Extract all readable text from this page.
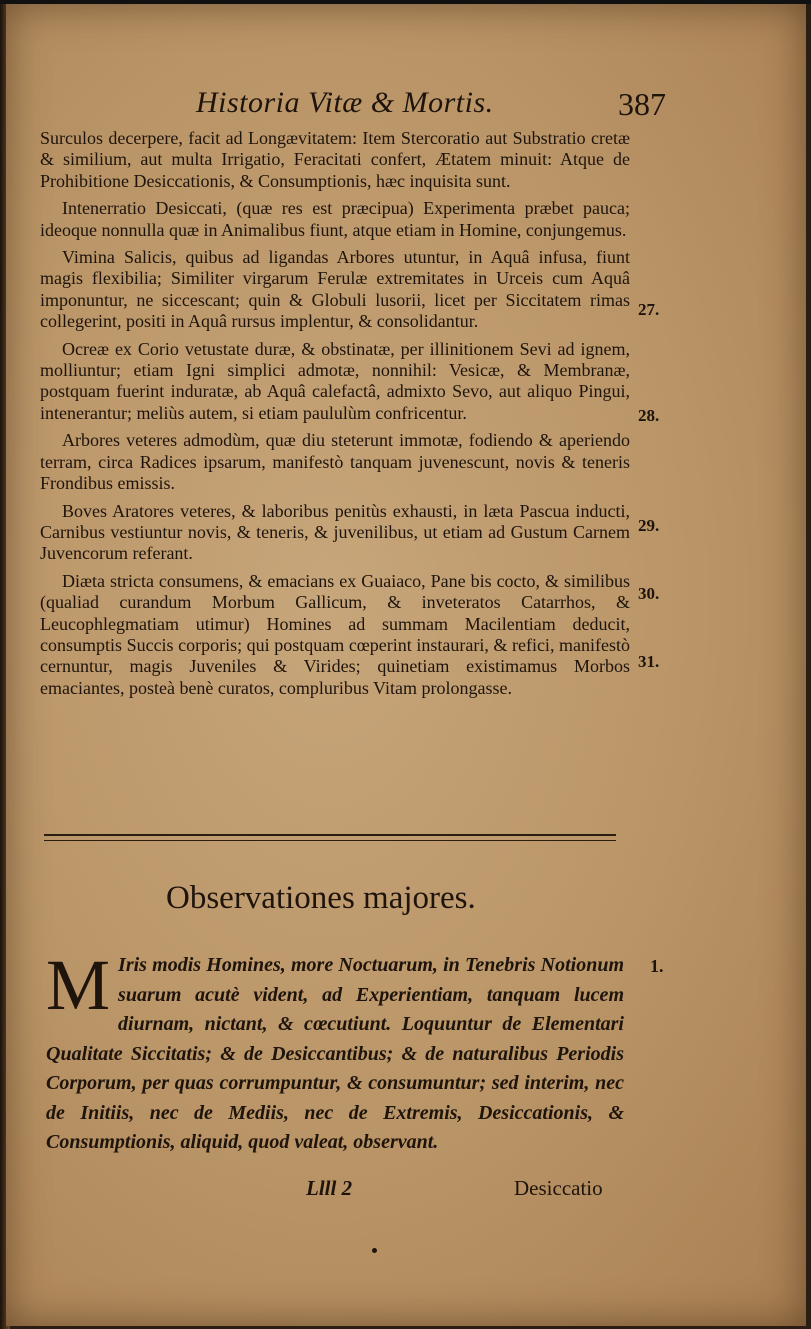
Historia Vitæ & Mortis.	387

Surculos decerpere, facit ad Longævitatem: Item Stercoratio aut Substratio cretæ & similium, aut multa Irrigatio, Feracitati confert, Ætatem minuit: Atque de Prohibitione Desiccationis, & Consumptionis, hæc inquisita sunt.

Intenerratio Desiccati, (quæ res est præcipua) Experimenta præbet pauca; ideoque nonnulla quæ in Animalibus fiunt, atque etiam in Homine, conjungemus.

Vimina Salicis, quibus ad ligandas Arbores utuntur, in Aquâ infusa, fiunt magis flexibilia; Similiter virgarum Ferulæ extremitates in Urceis cum Aquâ imponuntur, ne siccescant; quin & Globuli lusorii, licet per Siccitatem rimas collegerint, positi in Aquâ rursus implentur, & consolidantur.

Ocreæ ex Corio vetustate duræ, & obstinatæ, per illinitionem Sevi ad ignem, molliuntur; etiam Igni simplici admotæ, nonnihil: Vesicæ, & Membranæ, postquam fuerint induratæ, ab Aquâ calefactâ, admixto Sevo, aut aliquo Pingui, intenerantur; meliùs autem, si etiam paululùm confricentur.

Arbores veteres admodùm, quæ diu steterunt immotæ, fodiendo & aperiendo terram, circa Radices ipsarum, manifestò tanquam juvenescunt, novis & teneris Frondibus emissis.

Boves Aratores veteres, & laboribus penitùs exhausti, in læta Pascua inducti, Carnibus vestiuntur novis, & teneris, & juvenilibus, ut etiam ad Gustum Carnem Juvencorum referant.

Diæta stricta consumens, & emacians ex Guaiaco, Pane bis cocto, & similibus (qualiad curandum Morbum Gallicum, & inveteratos Catarrhos, & Leucophlegmatiam utimur) Homines ad summam Macilentiam deducit, consumptis Succis corporis; qui postquam cœperint instaurari, & refici, manifestò cernuntur, magis Juveniles & Virides; quinetiam existimamus Morbos emaciantes, posteà benè curatos, compluribus Vitam prolongasse.

27.
28.
29.
30.
31.
Observationes majores.
1.
M Iris modis Homines, more Noctuarum, in Tenebris Notionum suarum acutè vident, ad Experientiam, tanquam lucem diurnam, nictant, & cœcutiunt. Loquuntur de Elementari Qualitate Siccitatis; & de Desiccantibus; & de naturalibus Periodis Corporum, per quas corrumpuntur, & consumuntur; sed interim, nec de Initiis, nec de Mediis, nec de Extremis, Desiccationis, & Consumptionis, aliquid, quod valeat, observant.
Llll 2	Desiccatio
